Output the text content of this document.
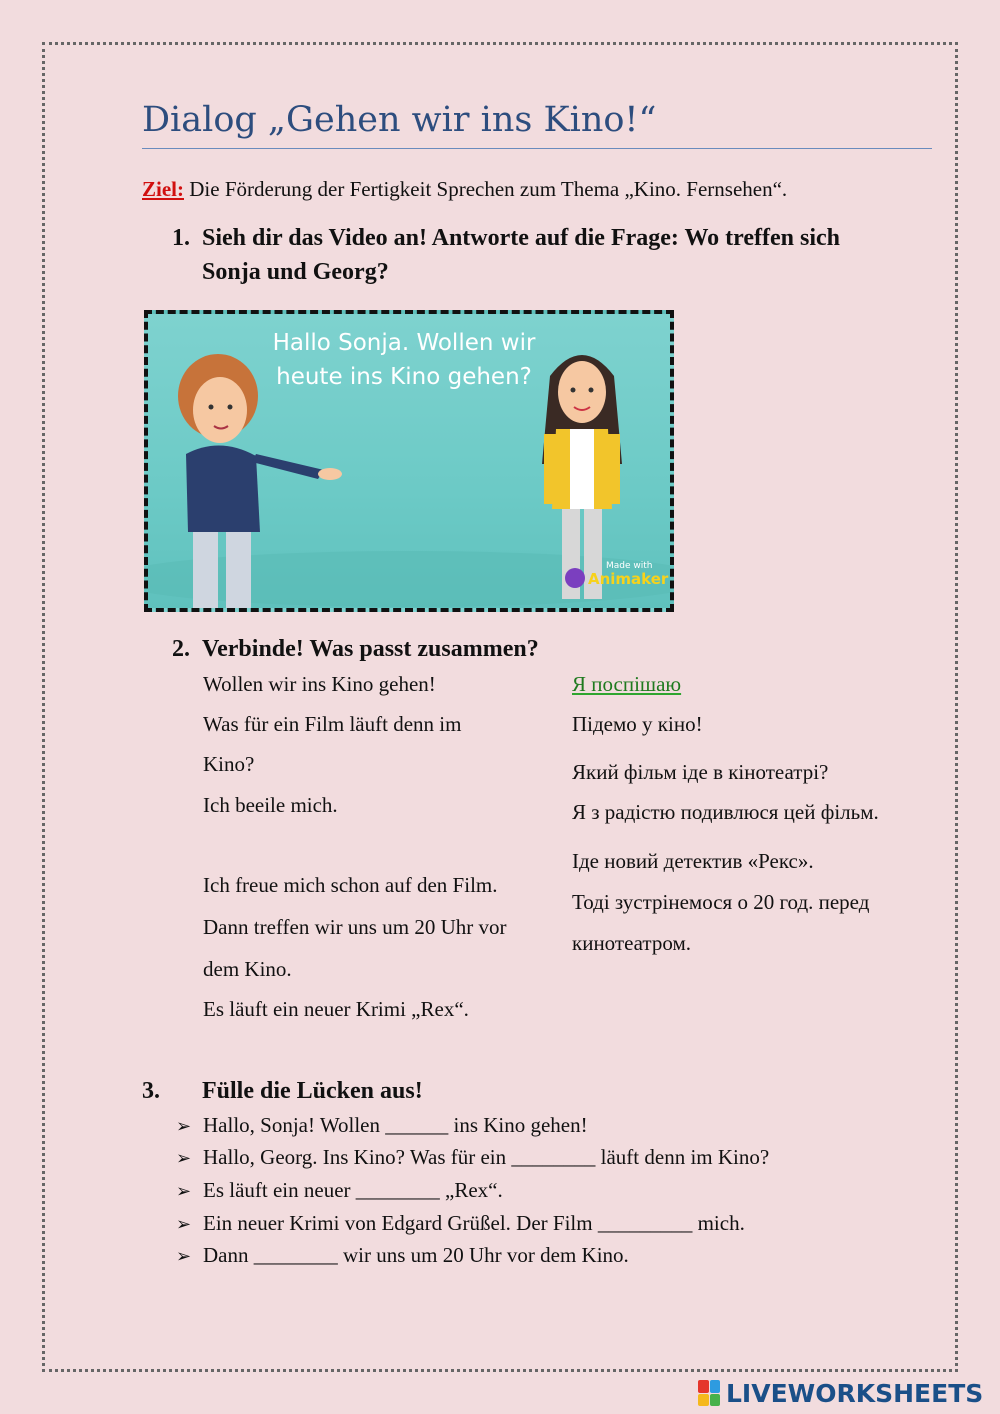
Dialog „Gehen wir ins Kino!“
Ziel: Die Förderung der Fertigkeit Sprechen zum Thema „Kino. Fernsehen“.
1. Sieh dir das Video an! Antworte auf die Frage: Wo treffen sich
Sonja und Georg?
Hallo Sonja. Wollen wir
heute ins Kino gehen?
Made with
Animaker
2. Verbinde! Was passt zusammen?
Wollen wir ins Kino gehen!
Was für ein Film läuft denn im
Kino?
Ich beeile mich.
Ich freue mich schon auf den Film.
Dann treffen wir uns um 20 Uhr vor
dem Kino.
Es läuft ein neuer Krimi „Rex“.
Я поспішаю
Підемо у кіно!
Який фільм іде в кінотеатрі?
Я з радістю подивлюся цей фільм.
Іде новий детектив «Рекс».
Тоді зустрінемося о 20 год. перед
кинотеатром.
3. Fülle die Lücken aus!
➢ Hallo, Sonja! Wollen ______ ins Kino gehen!
➢ Hallo, Georg. Ins Kino? Was für ein ________ läuft denn im Kino?
➢ Es läuft ein neuer ________ „Rex“.
➢ Ein neuer Krimi von Edgard Grüßel. Der Film _________ mich.
➢ Dann ________ wir uns um 20 Uhr vor dem Kino.
LIVEWORKSHEETS
